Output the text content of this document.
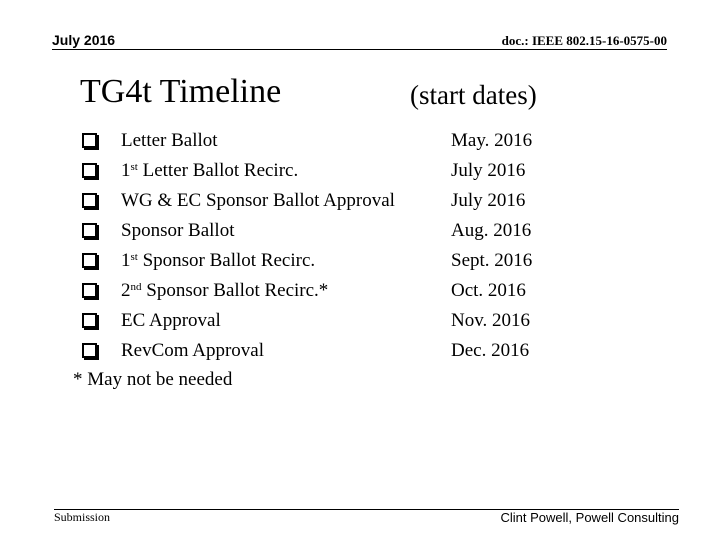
July 2016	doc.: IEEE 802.15-16-0575-00
TG4t Timeline	(start dates)
Letter Ballot	May. 2016
1st Letter Ballot Recirc.	July 2016
WG & EC Sponsor Ballot Approval	July 2016
Sponsor Ballot	Aug. 2016
1st Sponsor Ballot Recirc.	Sept. 2016
2nd Sponsor Ballot Recirc.*	Oct. 2016
EC Approval	Nov. 2016
RevCom Approval	Dec. 2016
* May not be needed
Submission	Clint Powell, Powell Consulting
